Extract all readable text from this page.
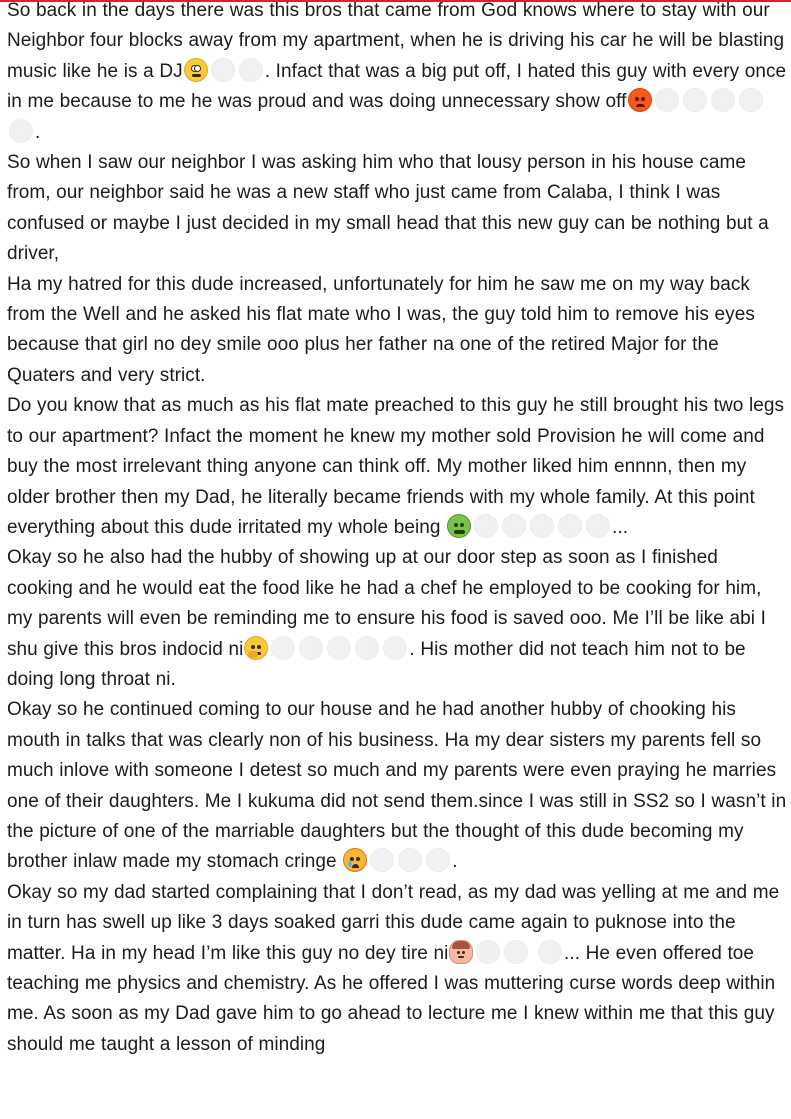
So back in the days there was this bros that came from God knows where to stay with our Neighbor four blocks away from my apartment, when he is driving his car he will be blasting music like he is a DJ	. Infact that was a big put off, I hated this guy with every once in me because to me he was proud and was doing unnecessary show off
.

So when I saw our neighbor I was asking him who that lousy person in his house came from, our neighbor said he was a new staff who just came from Calaba, I think I was confused or maybe I just decided in my small head that this new guy can be nothing but a driver,

Ha my hatred for this dude increased, unfortunately for him he saw me on my way back from the Well and he asked his flat mate who I was, the guy told him to remove his eyes because that girl no dey smile ooo plus her father na one of the retired Major for the Quaters and very strict.

Do you know that as much as his flat mate preached to this guy he still brought his two legs to our apartment? Infact the moment he knew my mother sold Provision he will come and buy the most irrelevant thing anyone can think off. My mother liked him ennnn, then my older brother then my Dad, he literally became friends with my whole family. At this point everything about this dude irritated my whole being	...

Okay so he also had the hubby of showing up at our door step as soon as I finished cooking and he would eat the food like he had a chef he employed to be cooking for him, my parents will even be reminding me to ensure his food is saved ooo. Me I’ll be like abi I shu give this bros indocid ni	. His mother did not teach him not to be doing long throat ni.

Okay so he continued coming to our house and he had another hubby of chooking his mouth in talks that was clearly non of his business. Ha my dear sisters my parents fell so much inlove with someone I detest so much and my parents were even praying he marries one of their daughters. Me I kukuma did not send them.since I was still in SS2 so I wasn’t in the picture of one of the marriable daughters but the thought of this dude becoming my brother inlaw made my stomach cringe	.

Okay so my dad started complaining that I don’t read, as my dad was yelling at me and me in turn has swell up like 3 days soaked garri this dude came again to puknose into the matter. Ha in my head I’m like this guy no dey tire ni	... He even offered toe teaching me physics and chemistry. As he offered I was muttering curse words deep within me. As soon as my Dad gave him to go ahead to lecture me I knew within me that this guy should me taught a lesson of minding
